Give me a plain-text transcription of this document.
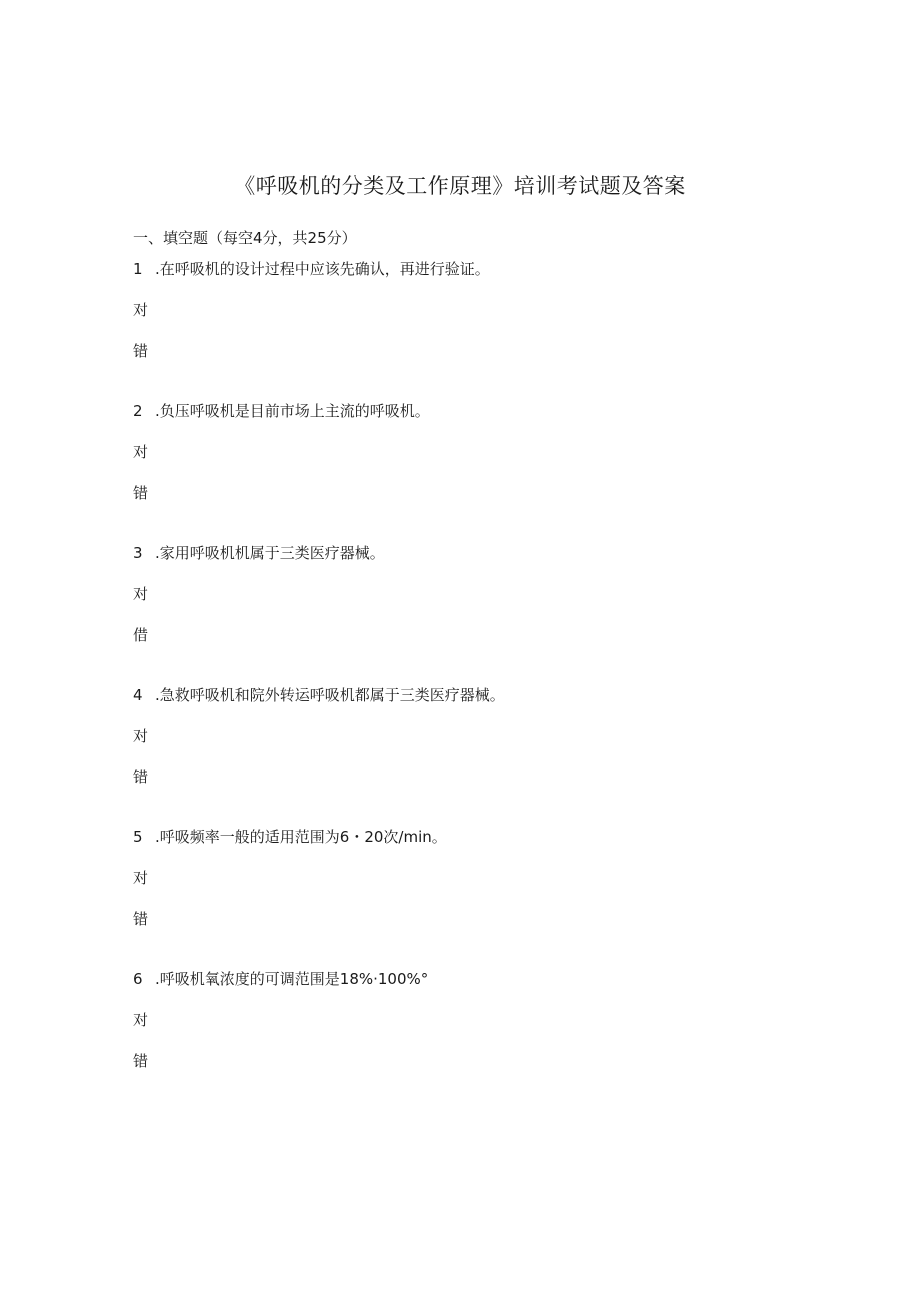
《呼吸机的分类及工作原理》培训考试题及答案
一、填空题（每空4分，共25分）
1 .在呼吸机的设计过程中应该先确认，再进行验证。
对
错
2 .负压呼吸机是目前市场上主流的呼吸机。
对
错
3 .家用呼吸机机属于三类医疗器械。
对
借
4 .急救呼吸机和院外转运呼吸机都属于三类医疗器械。
对
错
5 .呼吸频率一般的适用范围为6・20次/min。
对
错
6 .呼吸机氧浓度的可调范围是18%·100%°
对
错
